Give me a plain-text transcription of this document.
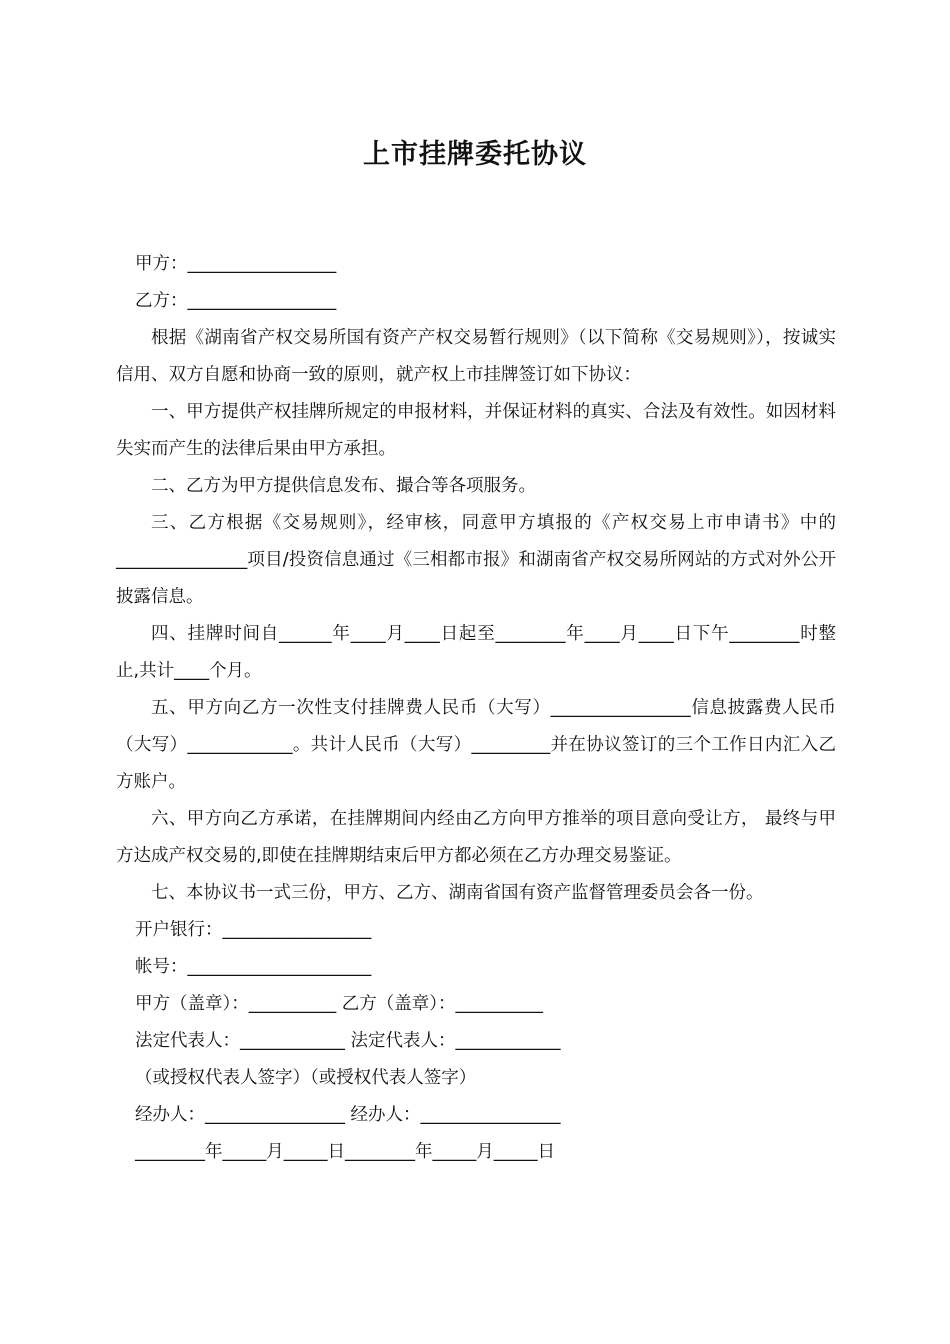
上市挂牌委托协议

甲方：_________________

乙方：_________________

根据《湖南省产权交易所国有资产产权交易暂行规则》（以下简称《交易规则》），按诚实信用、双方自愿和协商一致的原则，就产权上市挂牌签订如下协议：

一、甲方提供产权挂牌所规定的申报材料，并保证材料的真实、合法及有效性。如因材料失实而产生的法律后果由甲方承担。

二、乙方为甲方提供信息发布、撮合等各项服务。

三、乙方根据《交易规则》，经审核，同意甲方填报的《产权交易上市申请书》中的_______________项目/投资信息通过《三相都市报》和湖南省产权交易所网站的方式对外公开披露信息。

四、挂牌时间自______年____月____日起至________年____月____日下午________时整止,共计____个月。

五、甲方向乙方一次性支付挂牌费人民币（大写）________________信息披露费人民币（大写）____________。共计人民币（大写）_________并在协议签订的三个工作日内汇入乙方账户。

六、甲方向乙方承诺，在挂牌期间内经由乙方向甲方推举的项目意向受让方， 最终与甲方达成产权交易的,即使在挂牌期结束后甲方都必须在乙方办理交易鉴证。

七、本协议书一式三份，甲方、乙方、湖南省国有资产监督管理委员会各一份。

开户银行：_________________

帐号：_____________________

甲方（盖章）：__________ 乙方（盖章）：__________

法定代表人：____________ 法定代表人：____________

（或授权代表人签字）（或授权代表人签字）

经办人：________________ 经办人：________________

________年_____月_____日________年_____月_____日
